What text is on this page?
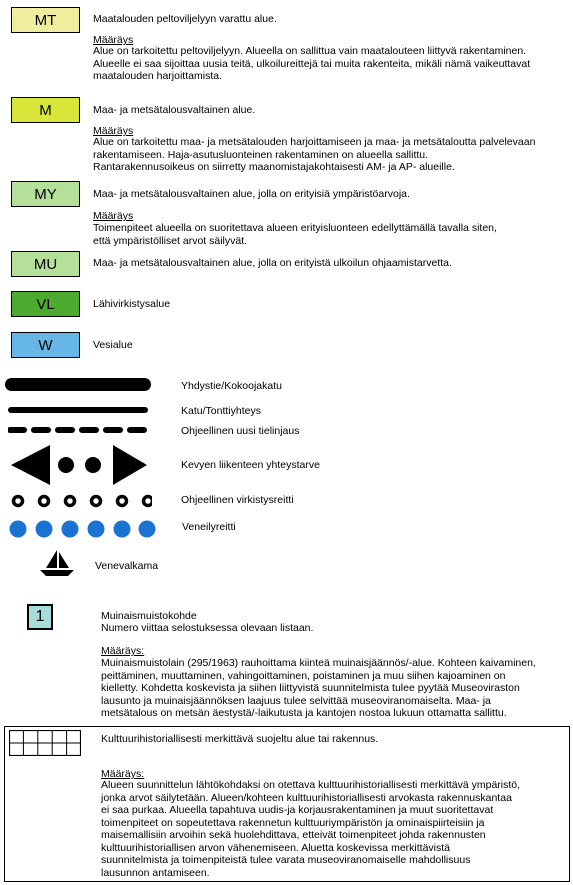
MT	Maatalouden peltoviljelyyn varattu alue.
Määräys
Alue on tarkoitettu peltoviljelyyn. Alueella on sallittua vain maatalouteen liittyvä rakentaminen.
Alueelle ei saa sijoittaa uusia teitä, ulkoilureittejä tai muita rakenteita, mikäli nämä vaikeuttavat
maatalouden harjoittamista.
M	Maa- ja metsätalousvaltainen alue.
Määräys
Alue on tarkoitettu maa- ja metsätalouden harjoittamiseen ja maa- ja metsätaloutta palvelevaan
rakentamiseen. Haja-asutusluonteinen rakentaminen on alueella sallittu.
Rantarakennusoikeus on siirretty maanomistajakohtaisesti AM- ja AP- alueille.
MY	Maa- ja metsätalousvaltainen alue, jolla on erityisiä ympäristöarvoja.
Määräys
Toimenpiteet alueella on suoritettava alueen erityisluonteen edellyttämällä tavalla siten,
että ympäristölliset arvot säilyvät.
MU	Maa- ja metsätalousvaltainen alue, jolla on erityistä ulkoilun ohjaamistarvetta.
VL	Lähivirkistysalue
W	Vesialue
Yhdystie/Kokoojakatu
Katu/Tonttiyhteys
Ohjeellinen uusi tielinjaus
Kevyen liikenteen yhteystarve
Ohjeellinen virkistysreitti
Veneilyreitti
Venevalkama
1	Muinaismuistokohde
Numero viittaa selostuksessa olevaan listaan.
Määräys:
Muinaismuistolain (295/1963) rauhoittama kiinteä muinaisjäännös/-alue. Kohteen kaivaminen,
peittäminen, muuttaminen, vahingoittaminen, poistaminen ja muu siihen kajoaminen on
kielletty. Kohdetta koskevista ja siihen liittyvistä suunnitelmista tulee pyytää Museoviraston
lausunto ja muinaisjäännöksen laajuus tulee selvittää museoviranomaiselta. Maa- ja
metsätalous on metsän äestystä/-laikutusta ja kantojen nostoa lukuun ottamatta sallittu.
Kulttuurihistoriallisesti merkittävä suojeltu alue tai rakennus.
Määräys:
Alueen suunnittelun lähtökohdaksi on otettava kulttuurihistoriallisesti merkittävä ympäristö,
jonka arvot säilytetään. Alueen/kohteen kulttuurihistoriallisesti arvokasta rakennuskantaa
ei saa purkaa. Alueella tapahtuva uudis-ja korjausrakentaminen ja muut suoritettavat
toimenpiteet on sopeutettava rakennetun kulttuuriympäristön ja ominaispiirteisiin ja
maisemallisiin arvoihin sekä huolehdittava, etteivät toimenpiteet johda rakennusten
kulttuurihistoriallisen arvon vähenemiseen. Aluetta koskevissa merkittävistä
suunnitelmista ja toimenpiteistä tulee varata museoviranomaiselle mahdollisuus
lausunnon antamiseen.
